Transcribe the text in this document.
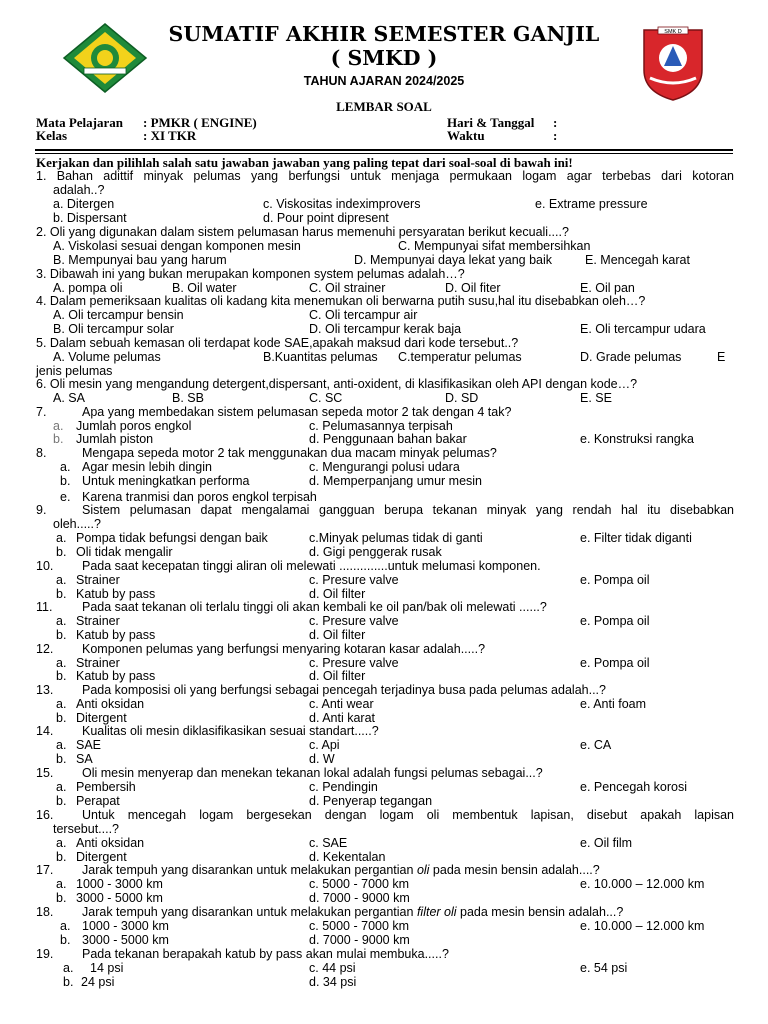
SMK D
SUMATIF AKHIR SEMESTER GANJIL
( SMKD )
TAHUN AJARAN 2024/2025
LEMBAR SOAL
Mata Pelajaran : PMKR ( ENGINE)
Kelas	: XI TKR
Hari & Tanggal :
Waktu	:
Kerjakan dan pilihlah salah satu jawaban jawaban yang paling tepat dari soal-soal di bawah ini!
1. Bahan adittif minyak pelumas yang berfungsi untuk menjaga permukaan logam agar terbebas dari kotoran
adalah..?
a. Ditergen	c. Viskositas indeximprovers	e. Extrame pressure
b. Dispersant	d. Pour point dipresent
2. Oli yang digunakan dalam sistem pelumasan harus memenuhi persyaratan berikut kecuali....?
A. Viskolasi sesuai dengan komponen mesin	C. Mempunyai sifat membersihkan
B. Mempunyai bau yang harum	D. Mempunyai daya lekat yang baik	E. Mencegah karat
3. Dibawah ini yang bukan merupakan komponen system pelumas adalah…?
A. pompa oli	B. Oil water	C. Oil strainer	D. Oil fiter	E. Oil pan
4. Dalam pemeriksaan kualitas oli kadang kita menemukan oli berwarna putih susu,hal itu disebabkan oleh…?
A. Oli tercampur bensin	C. Oli tercampur air
B. Oli tercampur solar	D. Oli tercampur kerak baja	E. Oli tercampur udara
5. Dalam sebuah kemasan oli terdapat kode SAE,apakah maksud dari kode tersebut..?
A. Volume pelumas	B.Kuantitas pelumas C.temperatur pelumas	D. Grade pelumas	E
jenis pelumas
6. Oli mesin yang mengandung detergent,dispersant, anti-oxident, di klasifikasikan oleh API dengan kode…?
A. SA	B. SB	C. SC	D. SD	E. SE
7.	Apa yang membedakan sistem pelumasan sepeda motor 2 tak dengan 4 tak?
a. Jumlah poros engkol	c. Pelumasannya terpisah
b. Jumlah piston	d. Penggunaan bahan bakar	e. Konstruksi rangka
8.	Mengapa sepeda motor 2 tak menggunakan dua macam minyak pelumas?
a. Agar mesin lebih dingin	c. Mengurangi polusi udara
b. Untuk meningkatkan performa	d. Memperpanjang umur mesin
e. Karena tranmisi dan poros engkol terpisah
9.	Sistem pelumasan dapat mengalamai gangguan berupa tekanan minyak yang rendah hal itu disebabkan
oleh.....?
a. Pompa tidak befungsi dengan baik	c.Minyak pelumas tidak di ganti	e. Filter tidak diganti
b. Oli tidak mengalir	d. Gigi penggerak rusak
10. Pada saat kecepatan tinggi aliran oli melewati ..............untuk melumasi komponen.
a. Strainer	c. Presure valve	e. Pompa oil
b. Katub by pass	d. Oil filter
11. Pada saat tekanan oli terlalu tinggi oli akan kembali ke oil pan/bak oli melewati ......?
a. Strainer	c. Presure valve	e. Pompa oil
b. Katub by pass	d. Oil filter
12. Komponen pelumas yang berfungsi menyaring kotaran kasar adalah.....?
a. Strainer	c. Presure valve	e. Pompa oil
b. Katub by pass	d. Oil filter
13. Pada komposisi oli yang berfungsi sebagai pencegah terjadinya busa pada pelumas adalah...?
a. Anti oksidan	c. Anti wear	e. Anti foam
b. Ditergent	d. Anti karat
14. Kualitas oli mesin diklasifikasikan sesuai standart.....?
a. SAE	c. Api	e. CA
b. SA	d. W
15. Oli mesin menyerap dan menekan tekanan lokal adalah fungsi pelumas sebagai...?
a. Pembersih	c. Pendingin	e. Pencegah korosi
b. Perapat	d. Penyerap tegangan
16. Untuk mencegah logam bergesekan dengan logam oli membentuk lapisan, disebut apakah lapisan
tersebut....?
a. Anti oksidan	c. SAE	e. Oil film
b. Ditergent	d. Kekentalan
17. Jarak tempuh yang disarankan untuk melakukan pergantian oli pada mesin bensin adalah....?
a. 1000 - 3000 km	c. 5000 - 7000 km	e. 10.000 – 12.000 km
b. 3000 - 5000 km	d. 7000 - 9000 km
18. Jarak tempuh yang disarankan untuk melakukan pergantian filter oli pada mesin bensin adalah...?
a. 1000 - 3000 km	c. 5000 - 7000 km	e. 10.000 – 12.000 km
b. 3000 - 5000 km	d. 7000 - 9000 km
19. Pada tekanan berapakah katub by pass akan mulai membuka.....?
a. 14 psi	c. 44 psi	e. 54 psi
b. 24 psi	d. 34 psi
